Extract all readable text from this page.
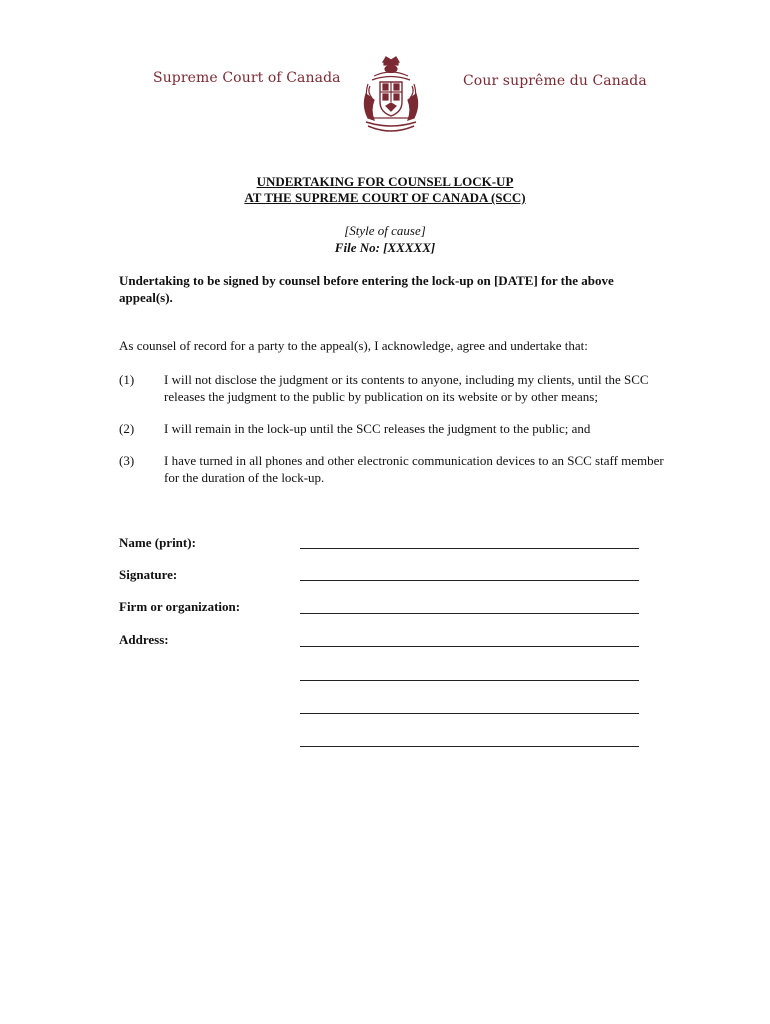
Supreme Court of Canada	Cour suprême du Canada
UNDERTAKING FOR COUNSEL LOCK-UP
AT THE SUPREME COURT OF CANADA (SCC)
[Style of cause]
File No: [XXXXX]
Undertaking to be signed by counsel before entering the lock-up on [DATE] for the above appeal(s).
As counsel of record for a party to the appeal(s), I acknowledge, agree and undertake that:
(1) I will not disclose the judgment or its contents to anyone, including my clients, until the SCC releases the judgment to the public by publication on its website or by other means;
(2) I will remain in the lock-up until the SCC releases the judgment to the public; and
(3) I have turned in all phones and other electronic communication devices to an SCC staff member for the duration of the lock-up.
Name (print):
Signature:
Firm or organization:
Address:
